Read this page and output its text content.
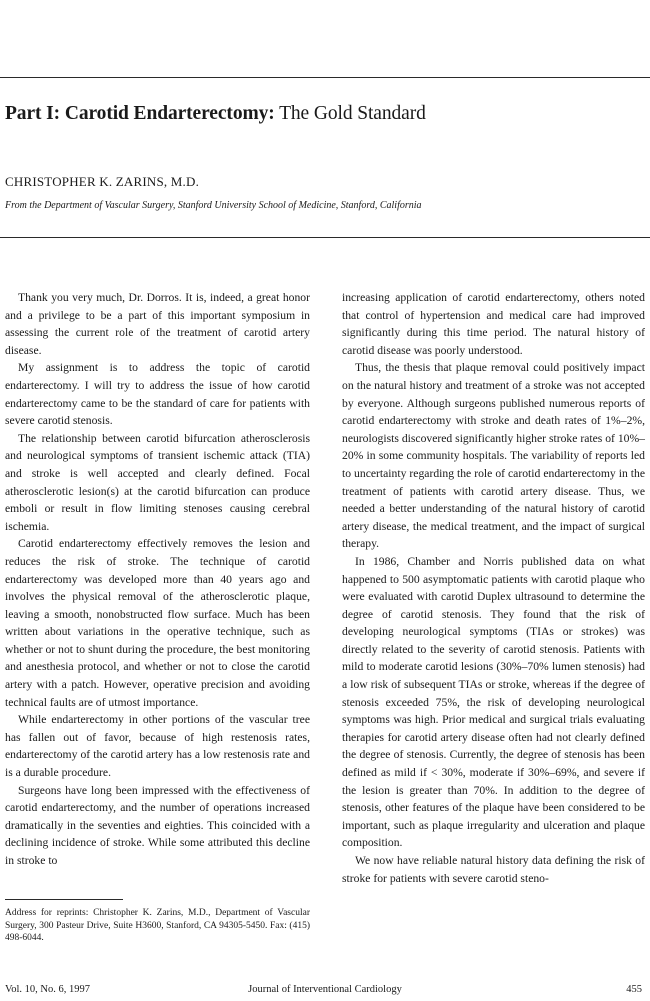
Part I: Carotid Endarterectomy: The Gold Standard
CHRISTOPHER K. ZARINS, M.D.
From the Department of Vascular Surgery, Stanford University School of Medicine, Stanford, California

Thank you very much, Dr. Dorros. It is, indeed, a great honor and a privilege to be a part of this important symposium in assessing the current role of the treatment of carotid artery disease.

My assignment is to address the topic of carotid endarterectomy. I will try to address the issue of how carotid endarterectomy came to be the standard of care for patients with severe carotid stenosis.

The relationship between carotid bifurcation atherosclerosis and neurological symptoms of transient ischemic attack (TIA) and stroke is well accepted and clearly defined. Focal atherosclerotic lesion(s) at the carotid bifurcation can produce emboli or result in flow limiting stenoses causing cerebral ischemia.

Carotid endarterectomy effectively removes the lesion and reduces the risk of stroke. The technique of carotid endarterectomy was developed more than 40 years ago and involves the physical removal of the atherosclerotic plaque, leaving a smooth, nonobstructed flow surface. Much has been written about variations in the operative technique, such as whether or not to shunt during the procedure, the best monitoring and anesthesia protocol, and whether or not to close the carotid artery with a patch. However, operative precision and avoiding technical faults are of utmost importance.

While endarterectomy in other portions of the vascular tree has fallen out of favor, because of high restenosis rates, endarterectomy of the carotid artery has a low restenosis rate and is a durable procedure.

Surgeons have long been impressed with the effectiveness of carotid endarterectomy, and the number of operations increased dramatically in the seventies and eighties. This coincided with a declining incidence of stroke. While some attributed this decline in stroke to

increasing application of carotid endarterectomy, others noted that control of hypertension and medical care had improved significantly during this time period. The natural history of carotid disease was poorly understood.

Thus, the thesis that plaque removal could positively impact on the natural history and treatment of a stroke was not accepted by everyone. Although surgeons published numerous reports of carotid endarterectomy with stroke and death rates of 1%–2%, neurologists discovered significantly higher stroke rates of 10%–20% in some community hospitals. The variability of reports led to uncertainty regarding the role of carotid endarterectomy in the treatment of patients with carotid artery disease. Thus, we needed a better understanding of the natural history of carotid artery disease, the medical treatment, and the impact of surgical therapy.

In 1986, Chamber and Norris published data on what happened to 500 asymptomatic patients with carotid plaque who were evaluated with carotid Duplex ultrasound to determine the degree of carotid stenosis. They found that the risk of developing neurological symptoms (TIAs or strokes) was directly related to the severity of carotid stenosis. Patients with mild to moderate carotid lesions (30%–70% lumen stenosis) had a low risk of subsequent TIAs or stroke, whereas if the degree of stenosis exceeded 75%, the risk of developing neurological symptoms was high. Prior medical and surgical trials evaluating therapies for carotid artery disease often had not clearly defined the degree of stenosis. Currently, the degree of stenosis has been defined as mild if < 30%, moderate if 30%–69%, and severe if the lesion is greater than 70%. In addition to the degree of stenosis, other features of the plaque have been considered to be important, such as plaque irregularity and ulceration and plaque composition.

We now have reliable natural history data defining the risk of stroke for patients with severe carotid steno-

Address for reprints: Christopher K. Zarins, M.D., Department of Vascular Surgery, 300 Pasteur Drive, Suite H3600, Stanford, CA 94305-5450. Fax: (415) 498-6044.
Vol. 10, No. 6, 1997	Journal of Interventional Cardiology	455
